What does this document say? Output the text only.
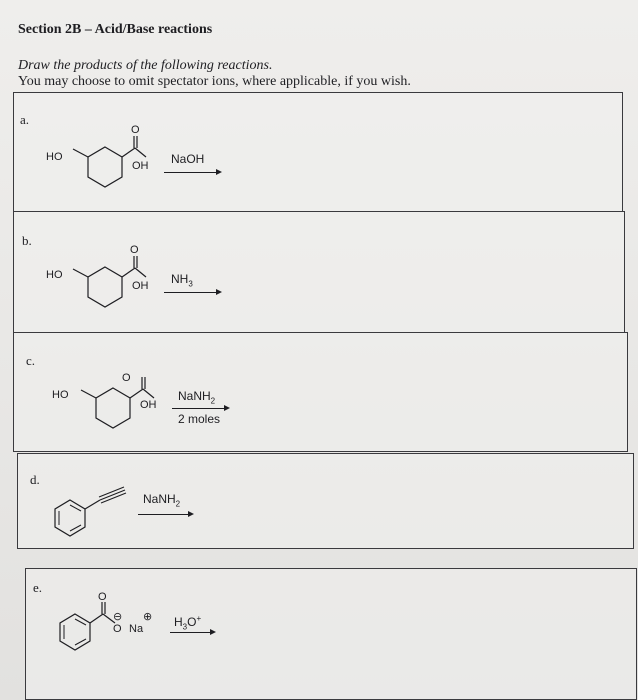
Section 2B – Acid/Base reactions
Draw the products of the following reactions.
You may choose to omit spectator ions, where applicable, if you wish.
a.
HO
O
OH NaOH
b.
HO
O
OH $NH_3$
c.
HO
O
OH
NaNH$_2$
2 moles
d.
NaNH$_2$
e.
O
⊖
O
⊕
Na	$H_3O^+$
